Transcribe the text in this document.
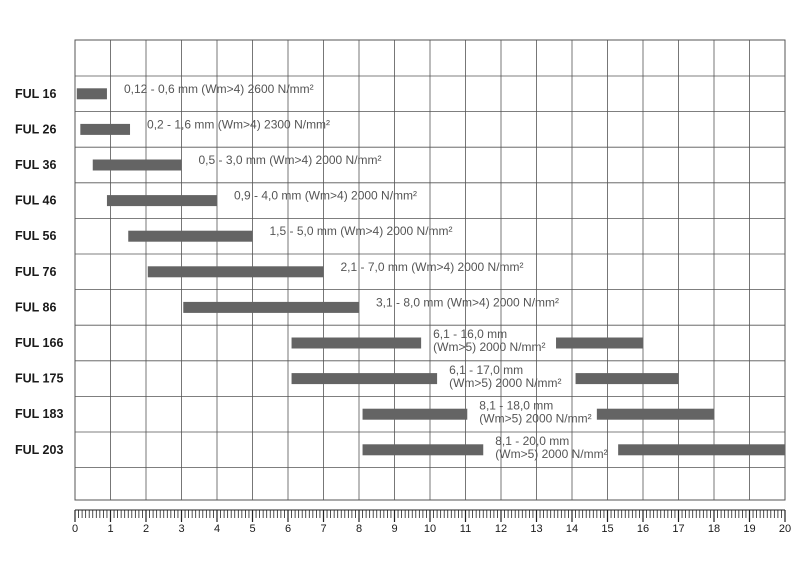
FUL 16	0,12 - 0,6 mm (Wm>4) 2600 N/mm²
FUL 26	0,2 - 1,6 mm (Wm>4) 2300 N/mm²
FUL 36	0,5 - 3,0 mm (Wm>4) 2000 N/mm²
FUL 46	0,9 - 4,0 mm (Wm>4) 2000 N/mm²
FUL 56	1,5 - 5,0 mm (Wm>4) 2000 N/mm²
FUL 76	2,1 - 7,0 mm (Wm>4) 2000 N/mm²
FUL 86	3,1 - 8,0 mm (Wm>4) 2000 N/mm²
FUL 166
6,1 - 16,0 mm
(Wm>5) 2000 N/mm²
FUL 175
6,1 - 17,0 mm
(Wm>5) 2000 N/mm²
FUL 183
8,1 - 18,0 mm
(Wm>5) 2000 N/mm²
FUL 203
8,1 - 20,0 mm
(Wm>5) 2000 N/mm²
0	1	2	3	4	5	6	7	8	9 10 11 12 13 14 15 16 17 18 19 20
